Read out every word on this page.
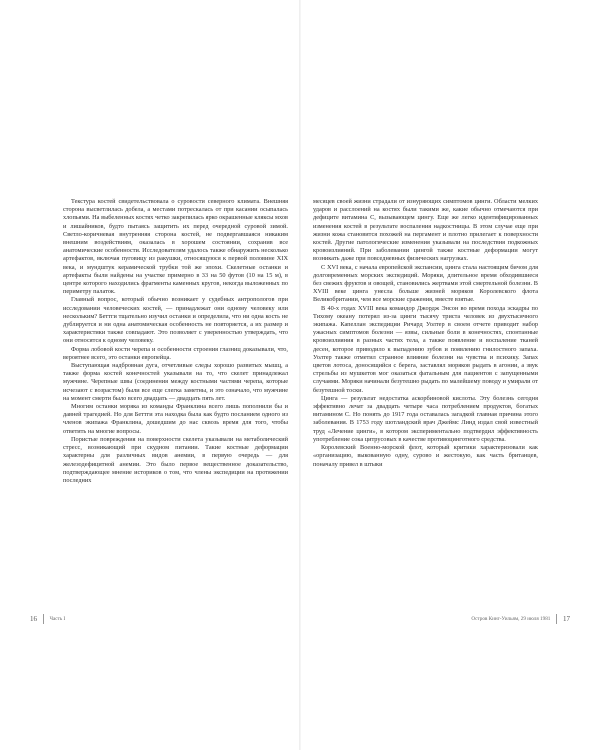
Текстура костей свидетельствовала о суровости северного климата. Внешняя сторона высветлилась добела, а местами потрескалась от при касании осыпалась хлопьями. На выбеленных костях четко закрепилась ярко окрашенные кляксы мхов и лишайников, будто пытаясь защитить их перед очередной суровой зимой. Светло-коричневая внутренняя сторона костей, не подвергавшаяся никаким внешним воздействиям, оказалась в хорошем состоянии, сохранив все анатомические особенности. Исследователям удалось также обнаружить несколько артефактов, включая пуговицу из ракушки, относящуюся к первой половине XIX века, и мундштук керамической трубки той же эпохи. Скелетные останки и артефакты были найдены на участке примерно в 33 на 50 футов (10 на 15 м), в центре которого находились фрагменты каменных кругов, некогда выложенных по периметру палаток.

Главный вопрос, который обычно возникает у судебных антропологов при исследовании человеческих костей, — принадлежат они одному человеку или нескольким? Беттги тщательно изучил останки и определила, что ни одна кость не дублируется и ни одна анатомическая особенность не повторяется, а их размер и характеристики также совпадают. Это позволяет с уверенностью утверждать, что они относятся к одному человеку.

Форма лобовой кости черепа и особенности строения глазниц доказывали, что, вероятнее всего, это останки европейца.

Выступающая надбровная дуга, отчетливые следы хорошо развитых мышц, а также форма костей конечностей указывали на то, что скелет принадлежал мужчине. Черепные швы (соединения между костными частями черепа, которые исчезают с возрастом) были все еще слегка заметны, и это означало, что мужчине на момент смерти было всего двадцать — двадцать пять лет.

Многим останки моряка из команды Франклина всего лишь пополнили бы и давней трагедией. Но для Беттги эта находка была как будто посланием одного из членов экипажа Франклина, дошедшим до нас сквозь время для того, чтобы ответить на многие вопросы.

Пористые повреждения на поверхности скелета указывали на метаболический стресс, возникающий при скудном питании. Такие костные деформации характерны для различных видов анемии, в первую очередь — для железодефицитной анемии. Это было первое вещественное доказательство, подтверждающее мнение историков о том, что члены экспедиции на протяжении последних

месяцев своей жизни страдали от изнуряющих симптомов цинги. Области мелких ударов и расслоений на костях были такими же, какие обычно отмечаются при дефиците витамина С, вызывающем цингу. Еще же легко идентифицированных изменения костей в результате воспаления надкостницы. В этом случае еще при жизни кожа становится похожей на пергамент и плотно прилегает к поверхности костей. Другие патологические изменения указывали на последствия подкожных кровоизлияний. При заболевании цингой также костные деформации могут возникать даже при повседневных физических нагрузках.

С XVI века, с начала европейской экспансии, цинга стала настоящим бичом для долговременных морских экспедиций. Моряки, длительное время обходившиеся без свежих фруктов и овощей, становились жертвами этой смертельной болезни. В XVIII веке цинга унесла больше жизней моряков Королевского флота Великобритании, чем все морские сражения, вместе взятые.

В 40-х годах XVIII века командор Джордж Энсон во время похода эскадры по Тихому океану потерял из-за цинги тысячу триста человек из двухтысячного экипажа. Капеллан экспедиции Ричард Уолтер в своем отчете приводит набор ужасных симптомов болезни — язвы, сильные боли в конечностях, спонтанные кровоизлияния в разных частях тела, а также появление и воспаление тканей десен, которое приводило к выпадению зубов и появлению гнилостного запаха. Уолтер также отметил странное влияние болезни на чувства и психику. Запах цветов лотоса, доносящийся с берега, заставлял моряков рыдать в агонии, а звук стрельбы из мушкетов мог оказаться фатальным для пациентов с запущенными случаями. Моряки начинали безутешно рыдать по малейшему поводу и умирали от безутешной тоски.

Цинга — результат недостатка аскорбиновой кислоты. Эту болезнь сегодня эффективно лечат за двадцать четыре часа потреблением продуктов, богатых витамином С. Но понять до 1917 года оставалась загадкой главная причина этого заболевания. В 1753 году шотландский врач Джеймс Линд издал свой известный труд «Лечение цинги», в котором экспериментально подтвердил эффективность употребление сока цитрусовых в качестве противоцинготного средства.

Королевский Военно-морской флот, который критики характеризовали как «организацию, выкованную одну, сурово и жестокую, как часть британцев, поначалу привел в штыки

16 Часть I	Остров Кинг-Уильям, 29 июля 1981 17
